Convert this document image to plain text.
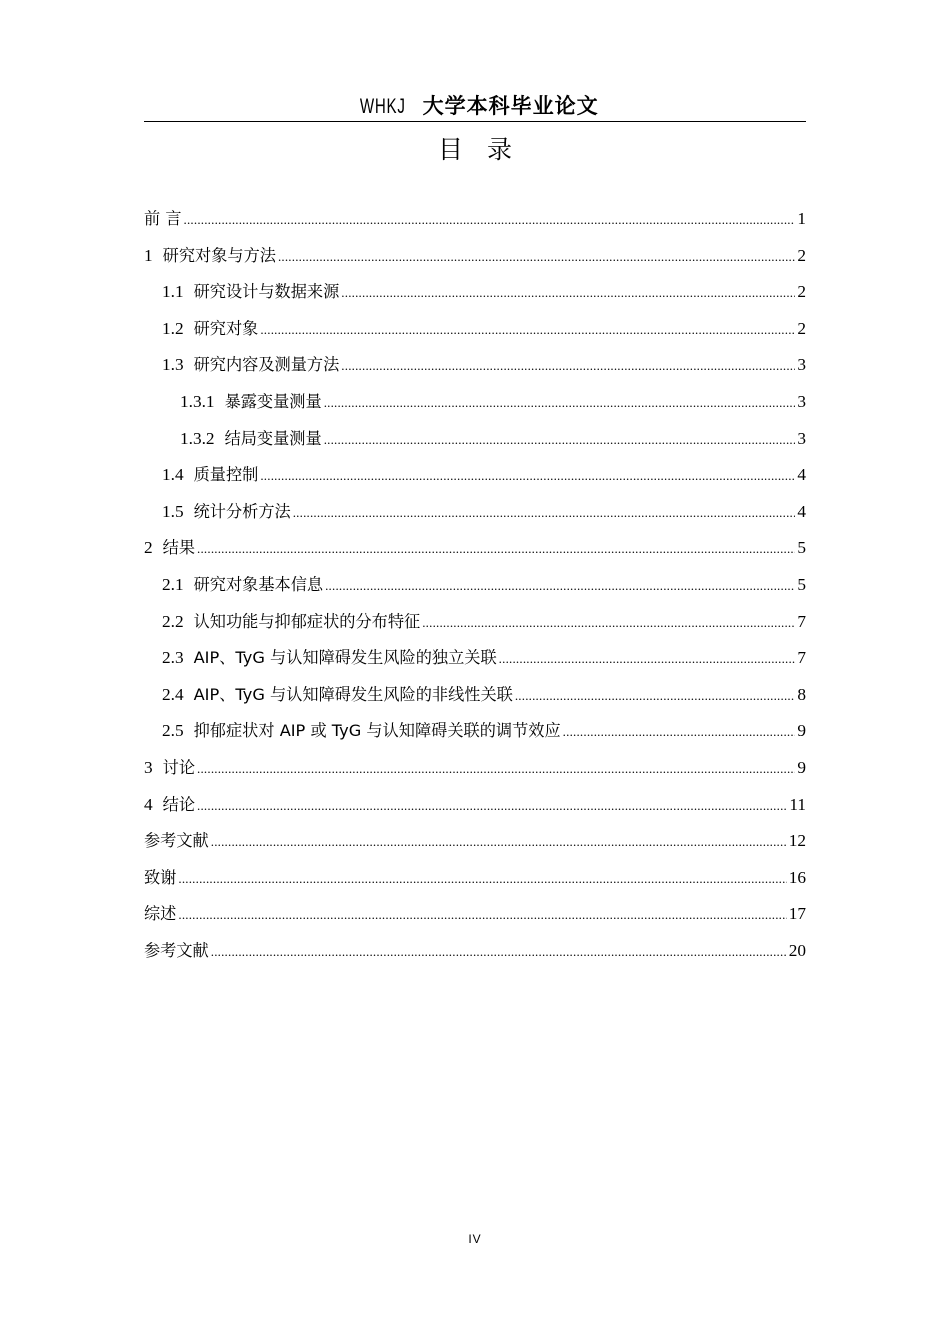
WHKJ 大学本科毕业论文
目录
前 言 .....	1
1 研究对象与方法 .....	2
1.1 研究设计与数据来源 .....	2
1.2 研究对象 .....	2
1.3 研究内容及测量方法 .....	3
1.3.1 暴露变量测量 .....	3
1.3.2 结局变量测量 .....	3
1.4 质量控制 .....	4
1.5 统计分析方法 .....	4
2 结果 .....	5
2.1 研究对象基本信息 .....	5
2.2 认知功能与抑郁症状的分布特征 .....	7
2.3 AIP、TyG 与认知障碍发生风险的独立关联 .....	7
2.4 AIP、TyG 与认知障碍发生风险的非线性关联 .....	8
2.5 抑郁症状对 AIP 或 TyG 与认知障碍关联的调节效应 .....	9
3 讨论 .....	9
4 结论 .....	11
参考文献 .....	12
致谢 .....	16
综述 .....	17
参考文献 .....	20
IV
